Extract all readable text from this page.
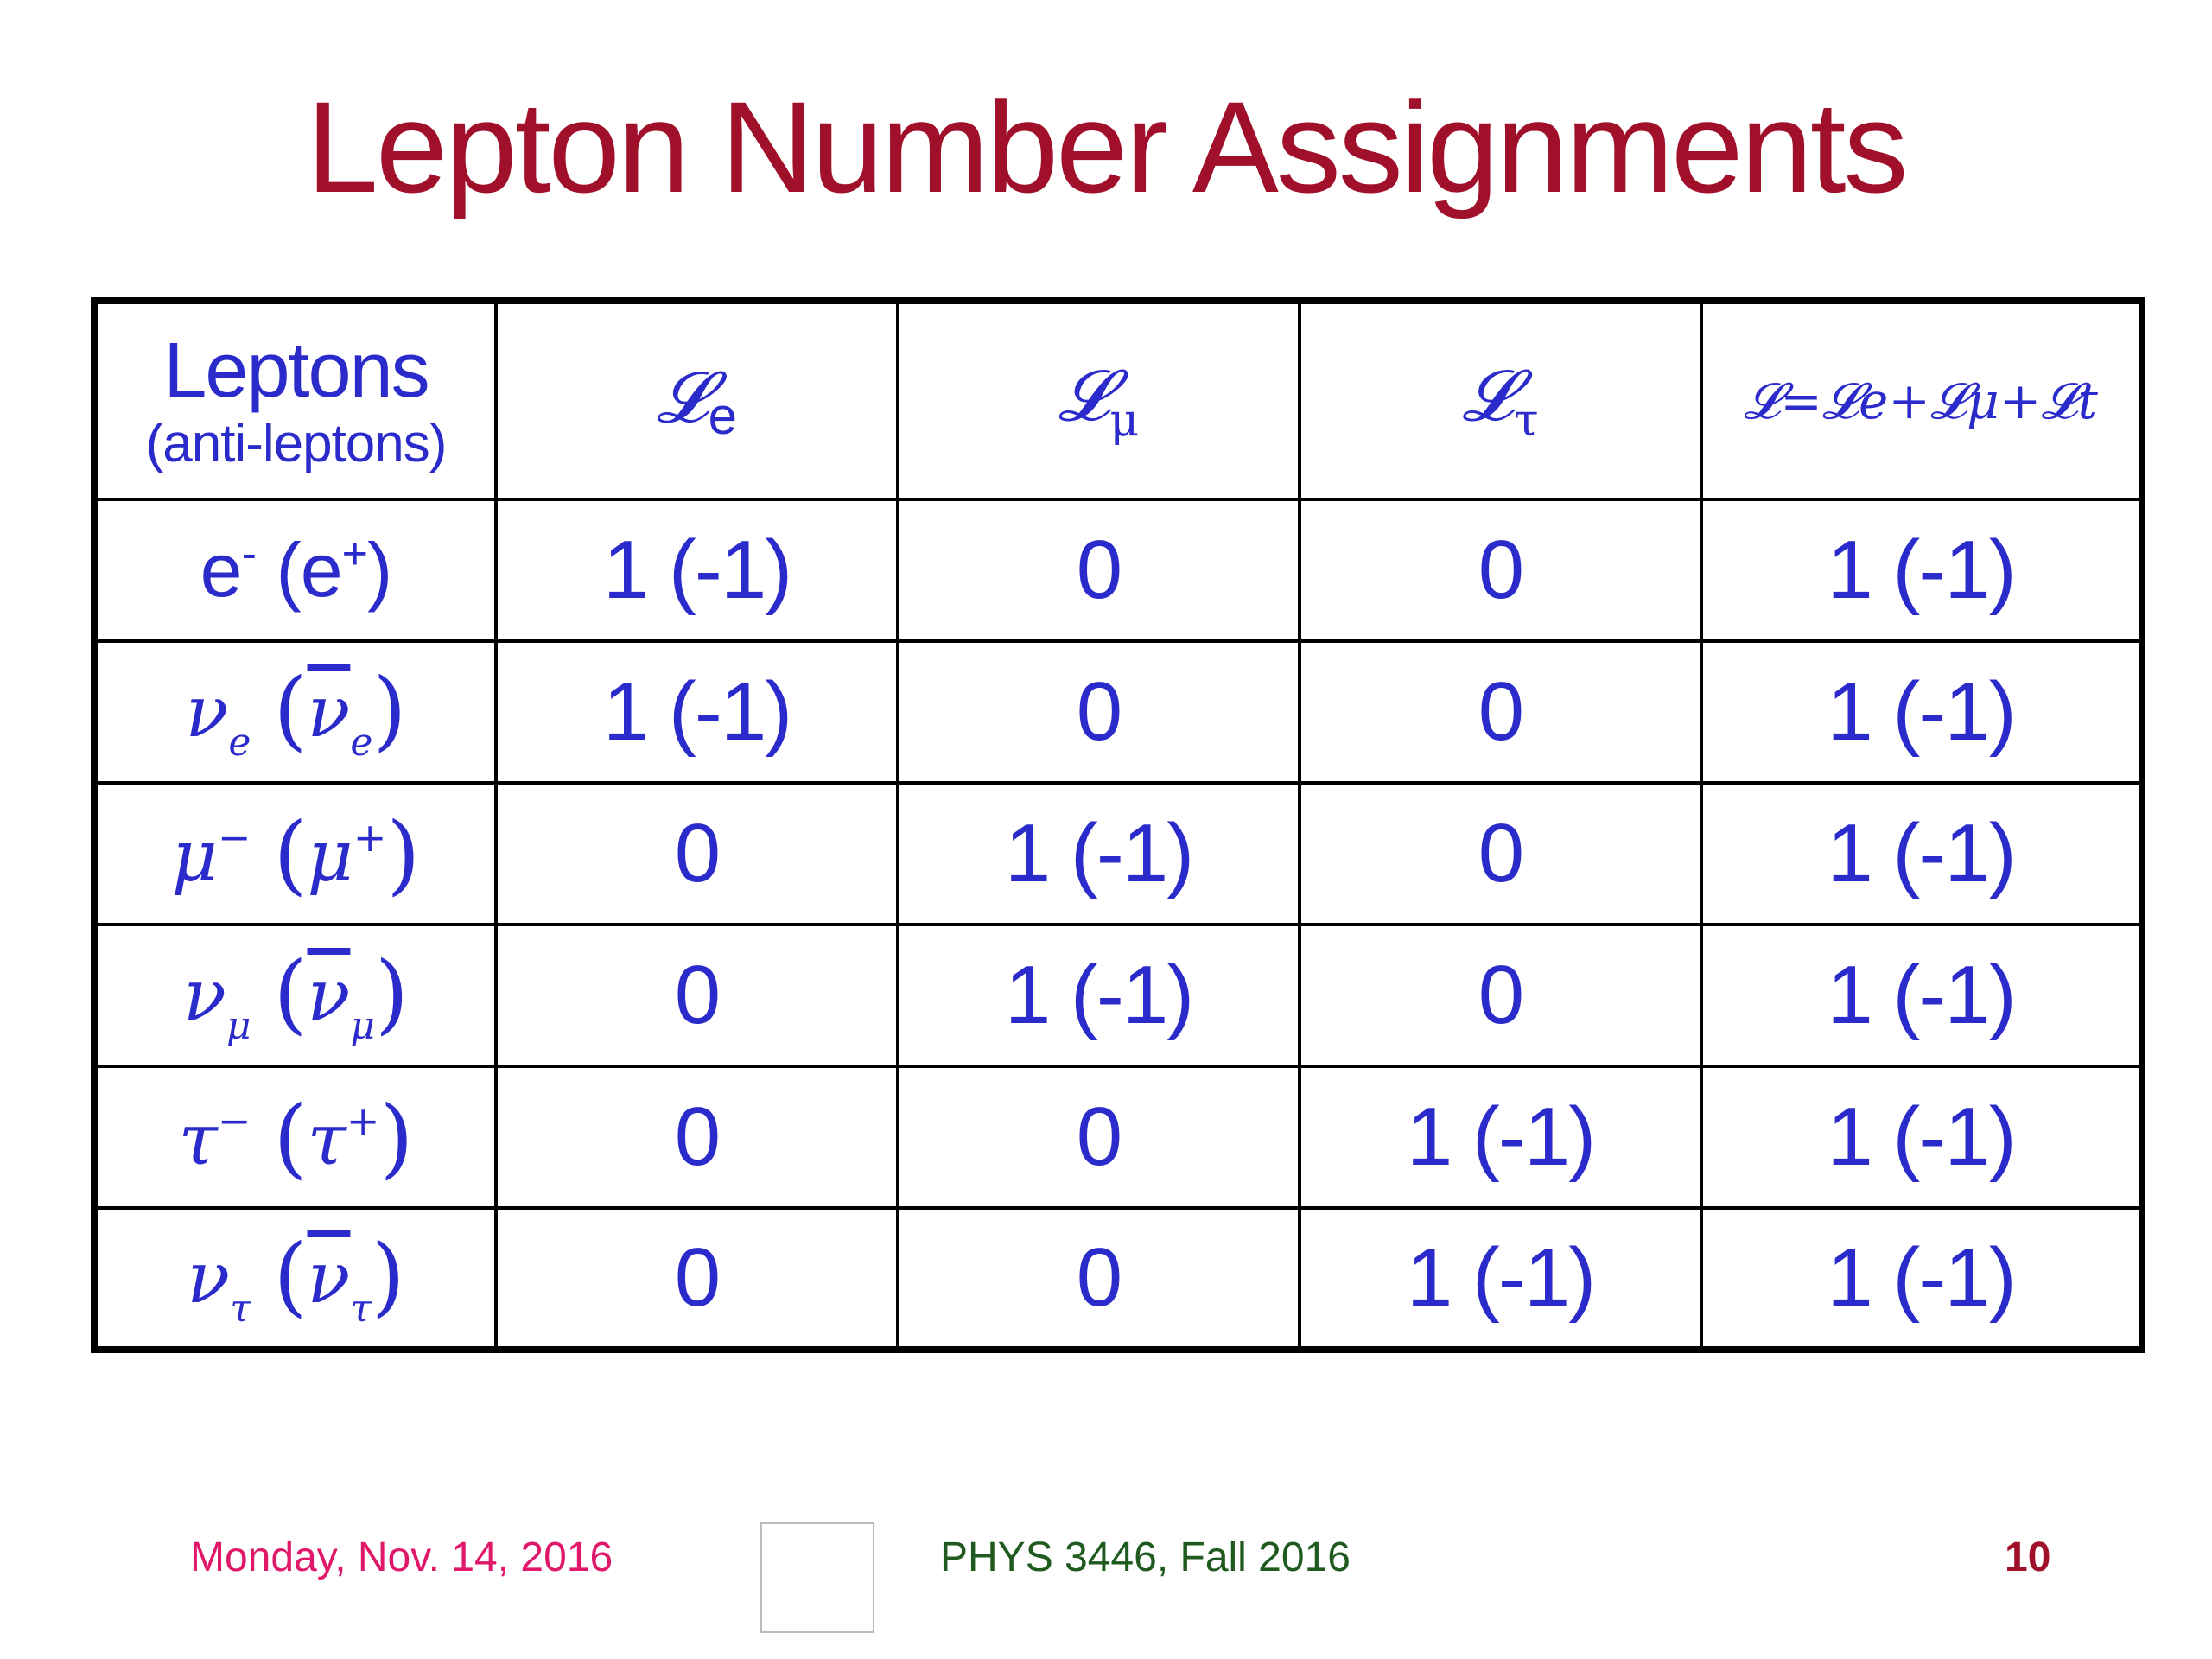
Lepton Number Assignments
Leptons
(anti-leptons)	𝓛e	𝓛μ	𝓛τ	𝓛=𝓛e+𝓛μ+𝓛t
e- (e+)	1 (-1)	0	0	1 (-1)
$\nu_e$ $(\overline{\nu}_e)$	1 (-1)	0	0	1 (-1)
μ− (μ+)	0	1 (-1)	0	1 (-1)
$\nu_\mu$ $(\overline{\nu}_\mu)$	0	1 (-1)	0	1 (-1)
τ− (τ+)	0	0	1 (-1)	1 (-1)
$\nu_\tau$ $(\overline{\nu}_\tau)$	0	0	1 (-1)	1 (-1)
Monday, Nov. 14, 2016	PHYS 3446, Fall 2016	10
